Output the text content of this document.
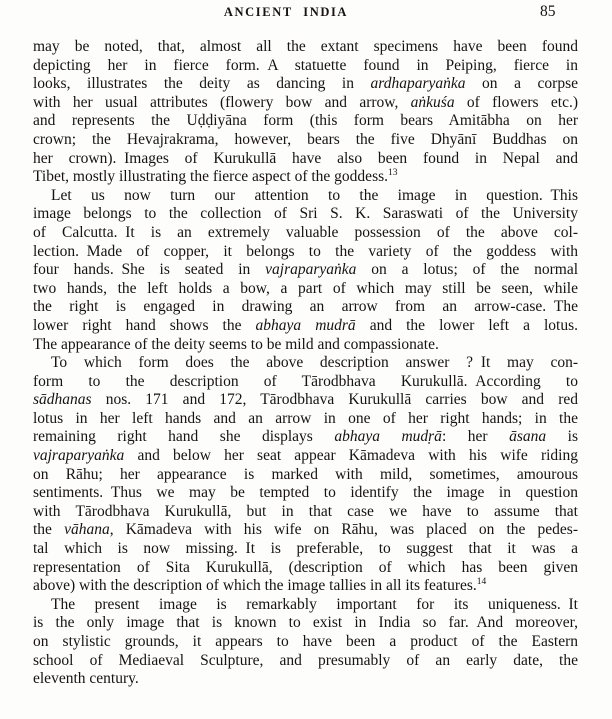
ANCIENT INDIA	85
may be noted, that, almost all the extant specimens have been found
depicting her in fierce form. A statuette found in Peiping, fierce in
looks, illustrates the deity as dancing in ardhaparyaṅka on a corpse
with her usual attributes (flowery bow and arrow, aṅkuśa of flowers etc.)
and represents the Uḍḍiyāna form (this form bears Amitābha on her
crown; the Hevajrakrama, however, bears the five Dhyānī Buddhas on
her crown). Images of Kurukullā have also been found in Nepal and
Tibet, mostly illustrating the fierce aspect of the goddess.$^{13}$
Let us now turn our attention to the image in question. This
image belongs to the collection of Sri S. K. Saraswati of the University
of Calcutta. It is an extremely valuable possession of the above col-
lection. Made of copper, it belongs to the variety of the goddess with
four hands. She is seated in vajraparyaṅka on a lotus; of the normal
two hands, the left holds a bow, a part of which may still be seen, while
the right is engaged in drawing an arrow from an arrow-case. The
lower right hand shows the abhaya mudrā and the lower left a lotus.
The appearance of the deity seems to be mild and compassionate.
To which form does the above description answer ? It may con-
form to the description of Tārodbhava Kurukullā. According to
sādhanas nos. 171 and 172, Tārodbhava Kurukullā carries bow and red
lotus in her left hands and an arrow in one of her right hands; in the
remaining right hand she displays abhaya mudṛā: her āsana is
vajraparyaṅka and below her seat appear Kāmadeva with his wife riding
on Rāhu; her appearance is marked with mild, sometimes, amourous
sentiments. Thus we may be tempted to identify the image in question
with Tārodbhava Kurukullā, but in that case we have to assume that
the vāhana, Kāmadeva with his wife on Rāhu, was placed on the pedes-
tal which is now missing. It is preferable, to suggest that it was a
representation of Sita Kurukullā, (description of which has been given
above) with the description of which the image tallies in all its features.$^{14}$
The present image is remarkably important for its uniqueness. It
is the only image that is known to exist in India so far. And moreover,
on stylistic grounds, it appears to have been a product of the Eastern
school of Mediaeval Sculpture, and presumably of an early date, the
eleventh century.
